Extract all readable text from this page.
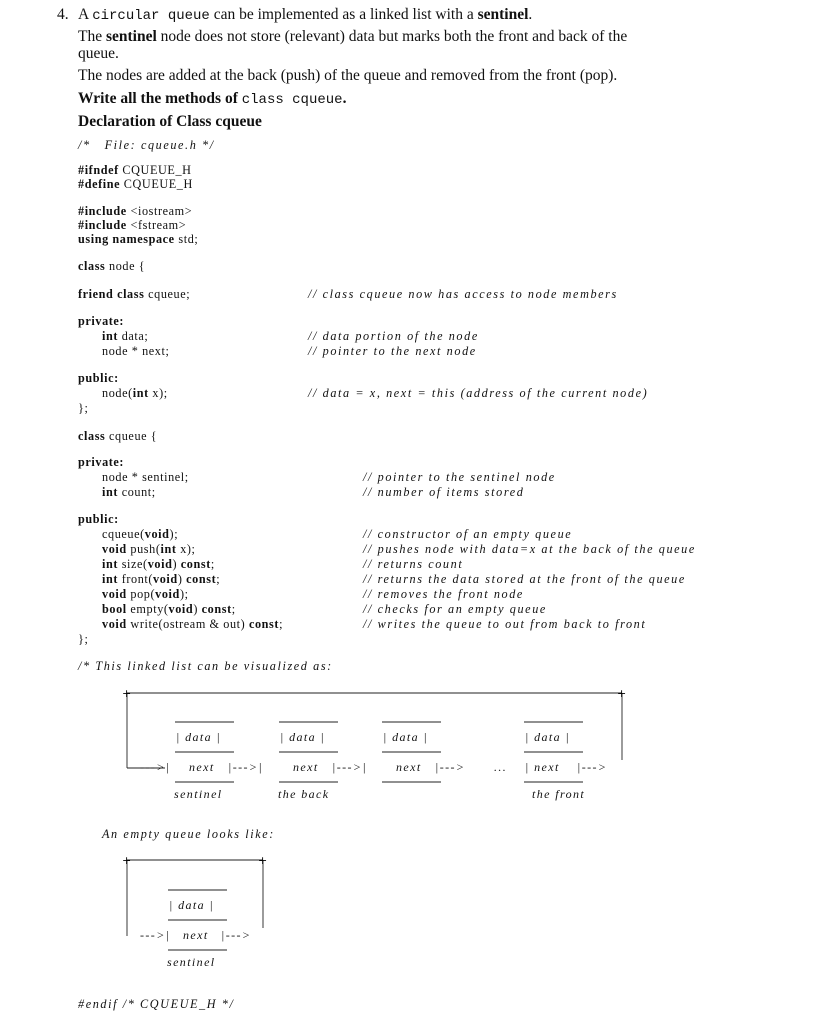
4. A circular queue can be implemented as a linked list with a sentinel.
The sentinel node does not store (relevant) data but marks both the front and back of the
queue.
The nodes are added at the back (push) of the queue and removed from the front (pop).
Write all the methods of class cqueue.
Declaration of Class cqueue
/*   File: cqueue.h */
#ifndef CQUEUE_H
#define CQUEUE_H
#include <iostream>
#include <fstream>
using namespace std;
class node {
friend class cqueue;	// class cqueue now has access to node members
private:
int data;	// data portion of the node
node * next;	// pointer to the next node
public:
node(int x);	// data = x, next = this (address of the current node)
};
class cqueue {
private:
node * sentinel;	// pointer to the sentinel node
int count;	// number of items stored
public:
cqueue(void);	// constructor of an empty queue
void push(int x);	// pushes node with data=x at the back of the queue
int size(void) const;	// returns count
int front(void) const;	// returns the data stored at the front of the queue
void pop(void);	// removes the front node
bool empty(void) const;	// checks for an empty queue
void write(ostream & out) const;	// writes the queue to out from back to front
};
/* This linked list can be visualized as:
+	+
| data |	| data |	| data |	| data |
--->| next |--->| next |--->| next |---> ... | next |--->
sentinel	the back	the front
An empty queue looks like:
+	+
| data |
--->| next |--->
sentinel
#endif /* CQUEUE_H */
